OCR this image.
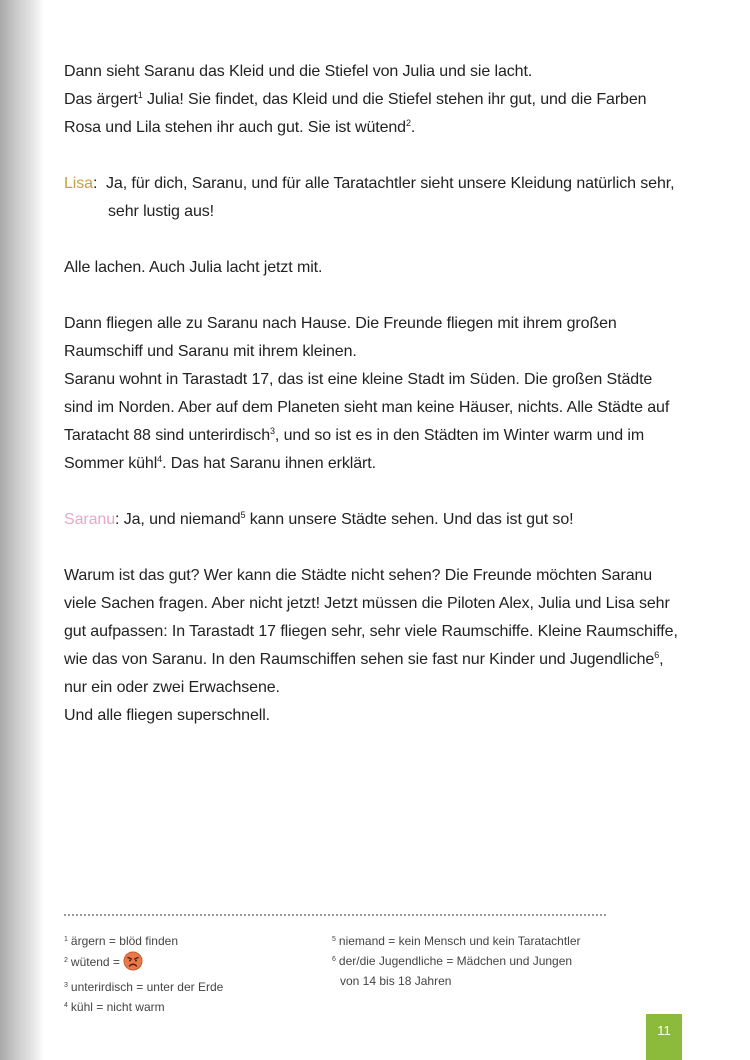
Dann sieht Saranu das Kleid und die Stiefel von Julia und sie lacht.
Das ärgert$^1$ Julia! Sie findet, das Kleid und die Stiefel stehen ihr gut, und die Farben Rosa und Lila stehen ihr auch gut. Sie ist wütend$^2$.

Lisa:  Ja, für dich, Saranu, und für alle Taratachtler sieht unsere Kleidung natürlich sehr, sehr lustig aus!

Alle lachen. Auch Julia lacht jetzt mit.

Dann fliegen alle zu Saranu nach Hause. Die Freunde fliegen mit ihrem großen Raumschiff und Saranu mit ihrem kleinen.
Saranu wohnt in Tarastadt 17, das ist eine kleine Stadt im Süden. Die großen Städte sind im Norden. Aber auf dem Planeten sieht man keine Häuser, nichts. Alle Städte auf Taratacht 88 sind unterirdisch$^3$, und so ist es in den Städten im Winter warm und im Sommer kühl$^4$. Das hat Saranu ihnen erklärt.

Saranu: Ja, und niemand$^5$ kann unsere Städte sehen. Und das ist gut so!

Warum ist das gut? Wer kann die Städte nicht sehen? Die Freunde möchten Saranu viele Sachen fragen. Aber nicht jetzt! Jetzt müssen die Piloten Alex, Julia und Lisa sehr gut aufpassen: In Tarastadt 17 fliegen sehr, sehr viele Raumschiffe. Kleine Raumschiffe, wie das von Saranu. In den Raumschiffen sehen sie fast nur Kinder und Jugendliche$^6$, nur ein oder zwei Erwachsene.
Und alle fliegen superschnell.

$^1$ ärgern = blöd finden
$^2$ wütend =
$^3$ unterirdisch = unter der Erde
$^4$ kühl = nicht warm
$^5$ niemand = kein Mensch und kein Taratachtler
$^6$ der/die Jugendliche = Mädchen und Jungen
von 14 bis 18 Jahren
11
